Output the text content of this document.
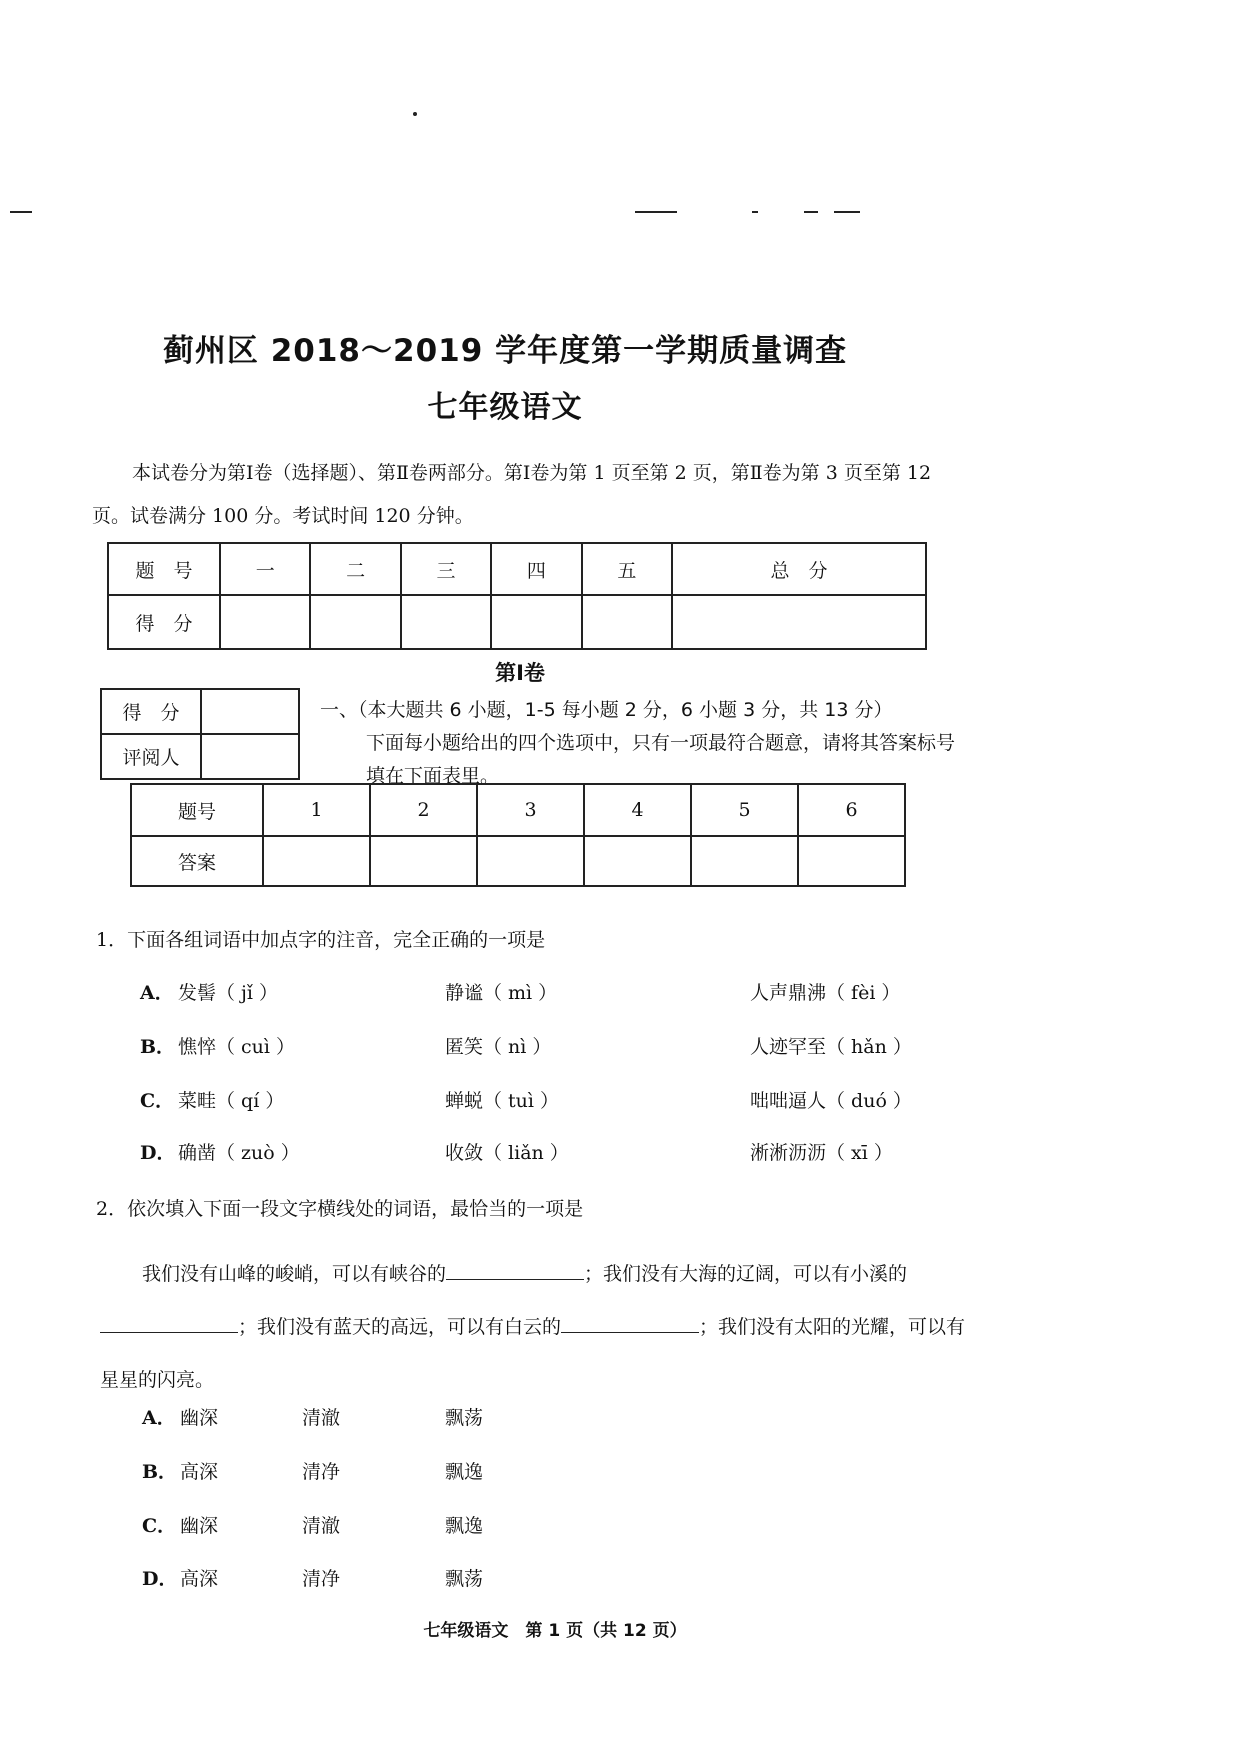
蓟州区 2018～2019 学年度第一学期质量调查
七年级语文
本试卷分为第Ⅰ卷（选择题）、第Ⅱ卷两部分。第Ⅰ卷为第 1 页至第 2 页，第Ⅱ卷为第 3 页至第 12 页。试卷满分 100 分。考试时间 120 分钟。
题　号	一	二	三	四	五	总　分
得　分						
第Ⅰ卷
得　分	
评阅人	
一、（本大题共 6 小题，1-5 每小题 2 分，6 小题 3 分，共 13 分）
下面每小题给出的四个选项中，只有一项最符合题意，请将其答案标号填在下面表里。
题号	1	2	3	4	5	6
答案						
1．下面各组词语中加点字的注音，完全正确的一项是
A． 发髻（ jǐ ）	静谧（ mì ）	人声鼎沸（ fèi ）
B． 憔悴（ cuì ）	匿笑（ nì ）	人迹罕至（ hǎn ）
C． 菜畦（ qí ）	蝉蜕（ tuì ）	咄咄逼人（ duó ）
D． 确凿（ zuò ）	收敛（ liǎn ）	淅淅沥沥（ xī ）
2．依次填入下面一段文字横线处的词语，最恰当的一项是
我们没有山峰的峻峭，可以有峡谷的	；我们没有大海的辽阔，可以有小溪的；我们没有蓝天的高远，可以有白云的	；我们没有太阳的光耀，可以有星星的闪亮。
A． 幽深	清澈	飘荡
B． 高深	清净	飘逸
C． 幽深	清澈	飘逸
D． 高深	清净	飘荡
七年级语文　第 1 页（共 12 页）
